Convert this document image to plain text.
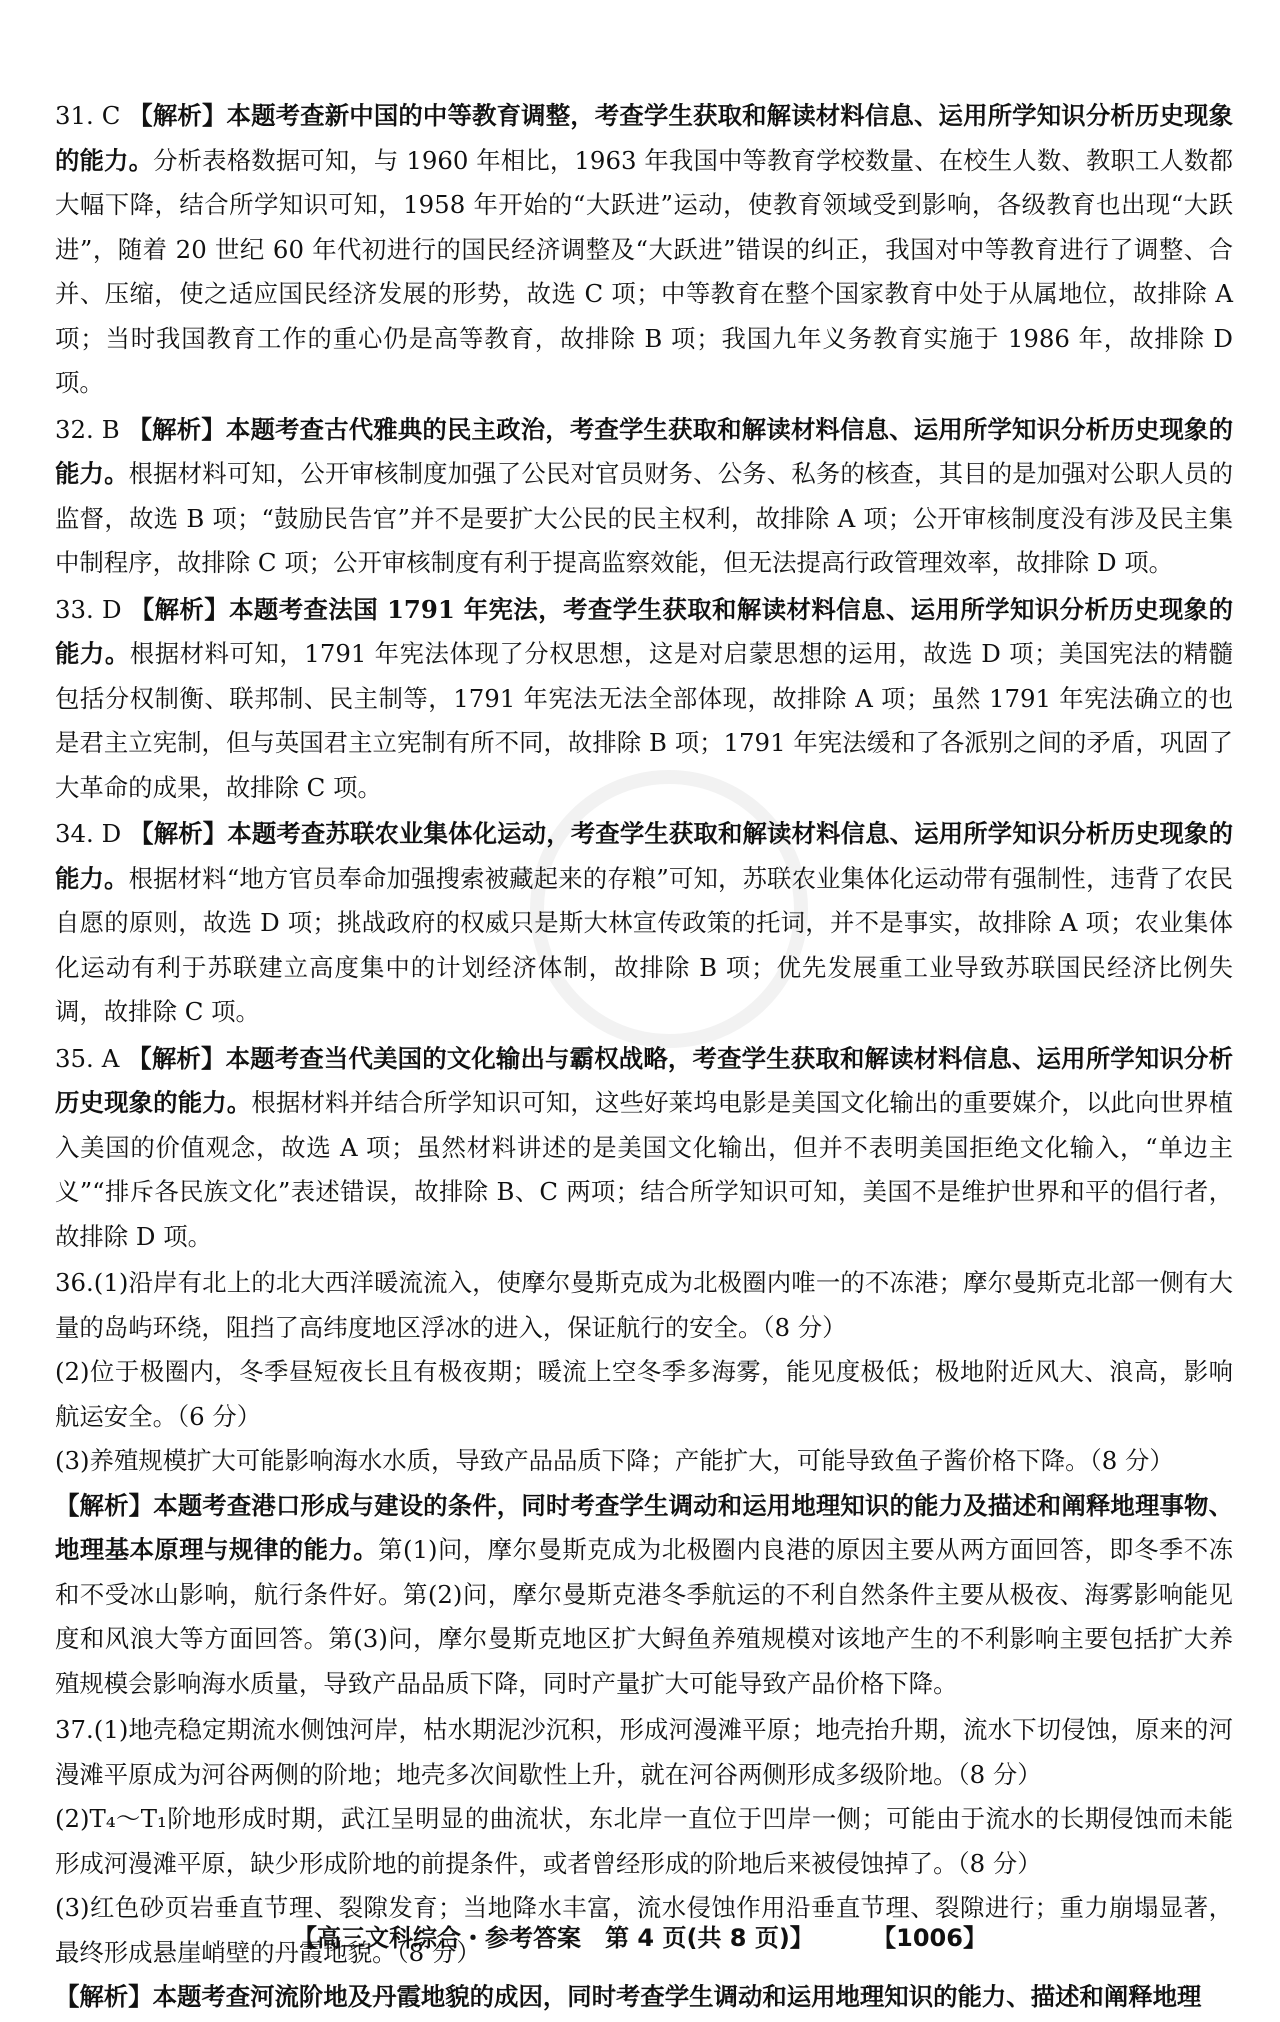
31. C 【解析】本题考查新中国的中等教育调整，考查学生获取和解读材料信息、运用所学知识分析历史现象的能力。分析表格数据可知，与 1960 年相比，1963 年我国中等教育学校数量、在校生人数、教职工人数都大幅下降，结合所学知识可知，1958 年开始的“大跃进”运动，使教育领域受到影响，各级教育也出现“大跃进”，随着 20 世纪 60 年代初进行的国民经济调整及“大跃进”错误的纠正，我国对中等教育进行了调整、合并、压缩，使之适应国民经济发展的形势，故选 C 项；中等教育在整个国家教育中处于从属地位，故排除 A 项；当时我国教育工作的重心仍是高等教育，故排除 B 项；我国九年义务教育实施于 1986 年，故排除 D 项。

32. B 【解析】本题考查古代雅典的民主政治，考查学生获取和解读材料信息、运用所学知识分析历史现象的能力。根据材料可知，公开审核制度加强了公民对官员财务、公务、私务的核查，其目的是加强对公职人员的监督，故选 B 项；“鼓励民告官”并不是要扩大公民的民主权利，故排除 A 项；公开审核制度没有涉及民主集中制程序，故排除 C 项；公开审核制度有利于提高监察效能，但无法提高行政管理效率，故排除 D 项。

33. D 【解析】本题考查法国 1791 年宪法，考查学生获取和解读材料信息、运用所学知识分析历史现象的能力。根据材料可知，1791 年宪法体现了分权思想，这是对启蒙思想的运用，故选 D 项；美国宪法的精髓包括分权制衡、联邦制、民主制等，1791 年宪法无法全部体现，故排除 A 项；虽然 1791 年宪法确立的也是君主立宪制，但与英国君主立宪制有所不同，故排除 B 项；1791 年宪法缓和了各派别之间的矛盾，巩固了大革命的成果，故排除 C 项。

34. D 【解析】本题考查苏联农业集体化运动，考查学生获取和解读材料信息、运用所学知识分析历史现象的能力。根据材料“地方官员奉命加强搜索被藏起来的存粮”可知，苏联农业集体化运动带有强制性，违背了农民自愿的原则，故选 D 项；挑战政府的权威只是斯大林宣传政策的托词，并不是事实，故排除 A 项；农业集体化运动有利于苏联建立高度集中的计划经济体制，故排除 B 项；优先发展重工业导致苏联国民经济比例失调，故排除 C 项。

35. A 【解析】本题考查当代美国的文化输出与霸权战略，考查学生获取和解读材料信息、运用所学知识分析历史现象的能力。根据材料并结合所学知识可知，这些好莱坞电影是美国文化输出的重要媒介，以此向世界植入美国的价值观念，故选 A 项；虽然材料讲述的是美国文化输出，但并不表明美国拒绝文化输入，“单边主义”“排斥各民族文化”表述错误，故排除 B、C 两项；结合所学知识可知，美国不是维护世界和平的倡行者，故排除 D 项。

36.(1)沿岸有北上的北大西洋暖流流入，使摩尔曼斯克成为北极圈内唯一的不冻港；摩尔曼斯克北部一侧有大量的岛屿环绕，阻挡了高纬度地区浮冰的进入，保证航行的安全。（8 分）
(2)位于极圈内，冬季昼短夜长且有极夜期；暖流上空冬季多海雾，能见度极低；极地附近风大、浪高，影响航运安全。（6 分）
(3)养殖规模扩大可能影响海水水质，导致产品品质下降；产能扩大，可能导致鱼子酱价格下降。（8 分）
【解析】本题考查港口形成与建设的条件，同时考查学生调动和运用地理知识的能力及描述和阐释地理事物、地理基本原理与规律的能力。第(1)问，摩尔曼斯克成为北极圈内良港的原因主要从两方面回答，即冬季不冻和不受冰山影响，航行条件好。第(2)问，摩尔曼斯克港冬季航运的不利自然条件主要从极夜、海雾影响能见度和风浪大等方面回答。第(3)问，摩尔曼斯克地区扩大鲟鱼养殖规模对该地产生的不利影响主要包括扩大养殖规模会影响海水质量，导致产品品质下降，同时产量扩大可能导致产品价格下降。
37.(1)地壳稳定期流水侧蚀河岸，枯水期泥沙沉积，形成河漫滩平原；地壳抬升期，流水下切侵蚀，原来的河漫滩平原成为河谷两侧的阶地；地壳多次间歇性上升，就在河谷两侧形成多级阶地。（8 分）
(2)T₄～T₁阶地形成时期，武江呈明显的曲流状，东北岸一直位于凹岸一侧；可能由于流水的长期侵蚀而未能形成河漫滩平原，缺少形成阶地的前提条件，或者曾经形成的阶地后来被侵蚀掉了。（8 分）
(3)红色砂页岩垂直节理、裂隙发育；当地降水丰富，流水侵蚀作用沿垂直节理、裂隙进行；重力崩塌显著，最终形成悬崖峭壁的丹霞地貌。（8 分）
【解析】本题考查河流阶地及丹霞地貌的成因，同时考查学生调动和运用地理知识的能力、描述和阐释地理
【高三文科综合・参考答案　第 4 页(共 8 页)】 【1006】
